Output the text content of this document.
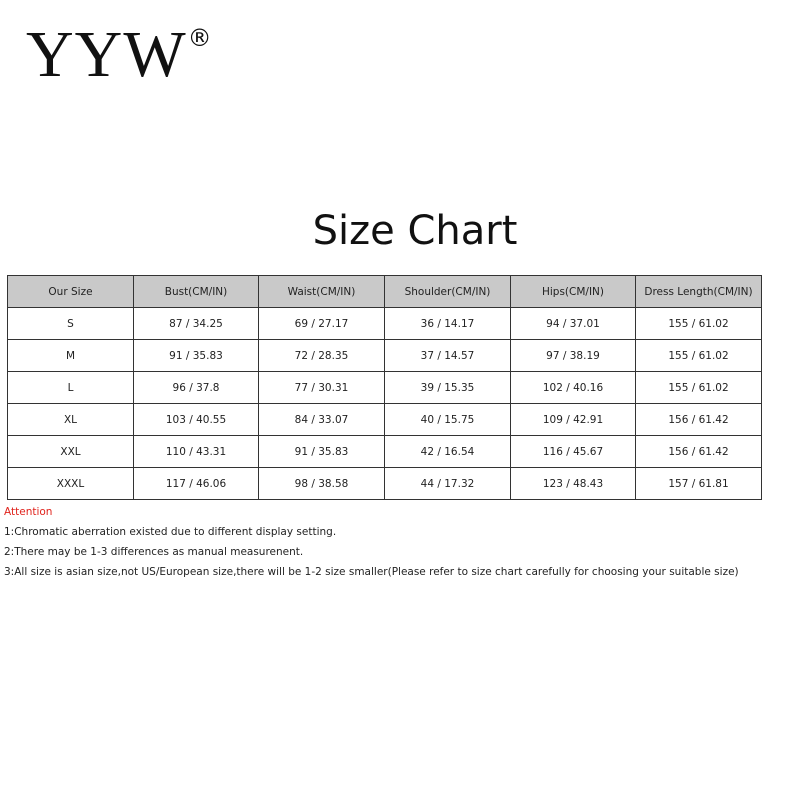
YYW®
Size Chart
Our Size	Bust(CM/IN)	Waist(CM/IN)	Shoulder(CM/IN)	Hips(CM/IN)	Dress Length(CM/IN)
S	87 / 34.25	69 / 27.17	36 / 14.17	94 / 37.01	155 / 61.02
M	91 / 35.83	72 / 28.35	37 / 14.57	97 / 38.19	155 / 61.02
L	96 / 37.8	77 / 30.31	39 / 15.35	102 / 40.16	155 / 61.02
XL	103 / 40.55	84 / 33.07	40 / 15.75	109 / 42.91	156 / 61.42
XXL	110 / 43.31	91 / 35.83	42 / 16.54	116 / 45.67	156 / 61.42
XXXL	117 / 46.06	98 / 38.58	44 / 17.32	123 / 48.43	157 / 61.81
Attention
1:Chromatic aberration existed due to different display setting.
2:There may be 1-3 differences as manual measurenent.
3:All size is asian size,not US/European size,there will be 1-2 size smaller(Please refer to size chart carefully for choosing your suitable size)
